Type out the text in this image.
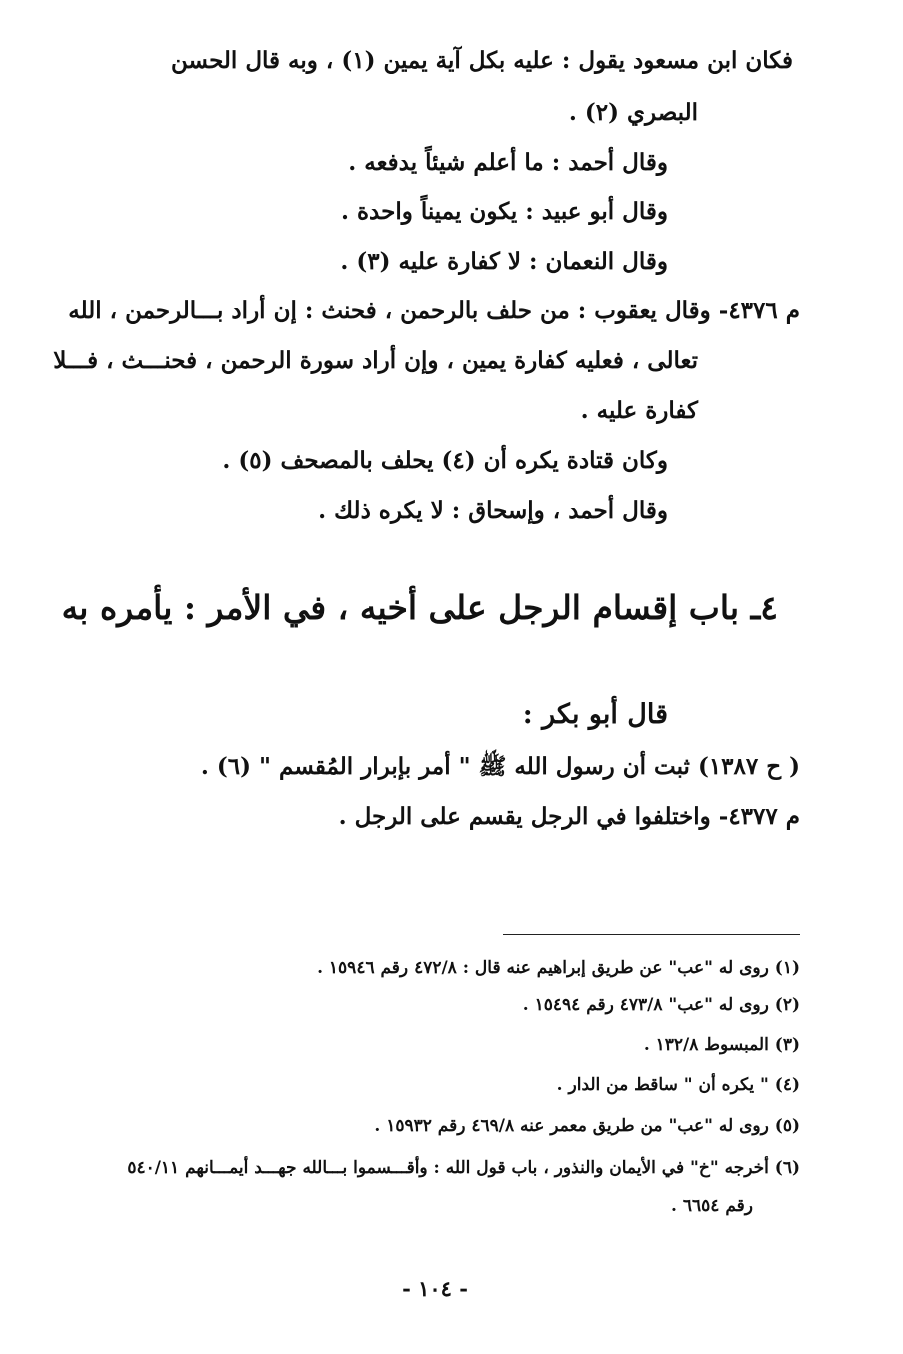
فكان ابن مسعود يقول : عليه بكل آية يمين (١) ، وبه قال الحسن
البصري (٢) .
وقال أحمد : ما أعلم شيئاً يدفعه .
وقال أبو عبيد : يكون يميناً واحدة .
وقال النعمان : لا كفارة عليه (٣) .
م ٤٣٧٦- وقال يعقوب : من حلف بالرحمن ، فحنث : إن أراد بـــالرحمن ، الله
تعالى ، فعليه كفارة يمين ، وإن أراد سورة الرحمن ، فحنـــث ، فـــلا
كفارة عليه .
وكان قتادة يكره أن (٤) يحلف بالمصحف (٥) .
وقال أحمد ، وإسحاق : لا يكره ذلك .
٤ـ باب إقسام الرجل على أخيه ، في الأمر : يأمره به
قال أبو بكر :
( ح ١٣٨٧) ثبت أن رسول الله ﷺ " أمر بإبرار المُقسم " (٦) .
م ٤٣٧٧- واختلفوا في الرجل يقسم على الرجل .
(١) روى له "عب" عن طريق إبراهيم عنه قال : ٤٧٢/٨ رقم ١٥٩٤٦ .
(٢) روى له "عب" ٤٧٣/٨ رقم ١٥٤٩٤ .
(٣) المبسوط ١٣٢/٨ .
(٤) " يكره أن " ساقط من الدار .
(٥) روى له "عب" من طريق معمر عنه ٤٦٩/٨ رقم ١٥٩٣٢ .
(٦) أخرجه "خ" في الأيمان والنذور ، باب قول الله : وأقـــسموا بـــالله جهـــد أيمـــانهم ٥٤٠/١١
رقم ٦٦٥٤ .
- ١٠٤ -
